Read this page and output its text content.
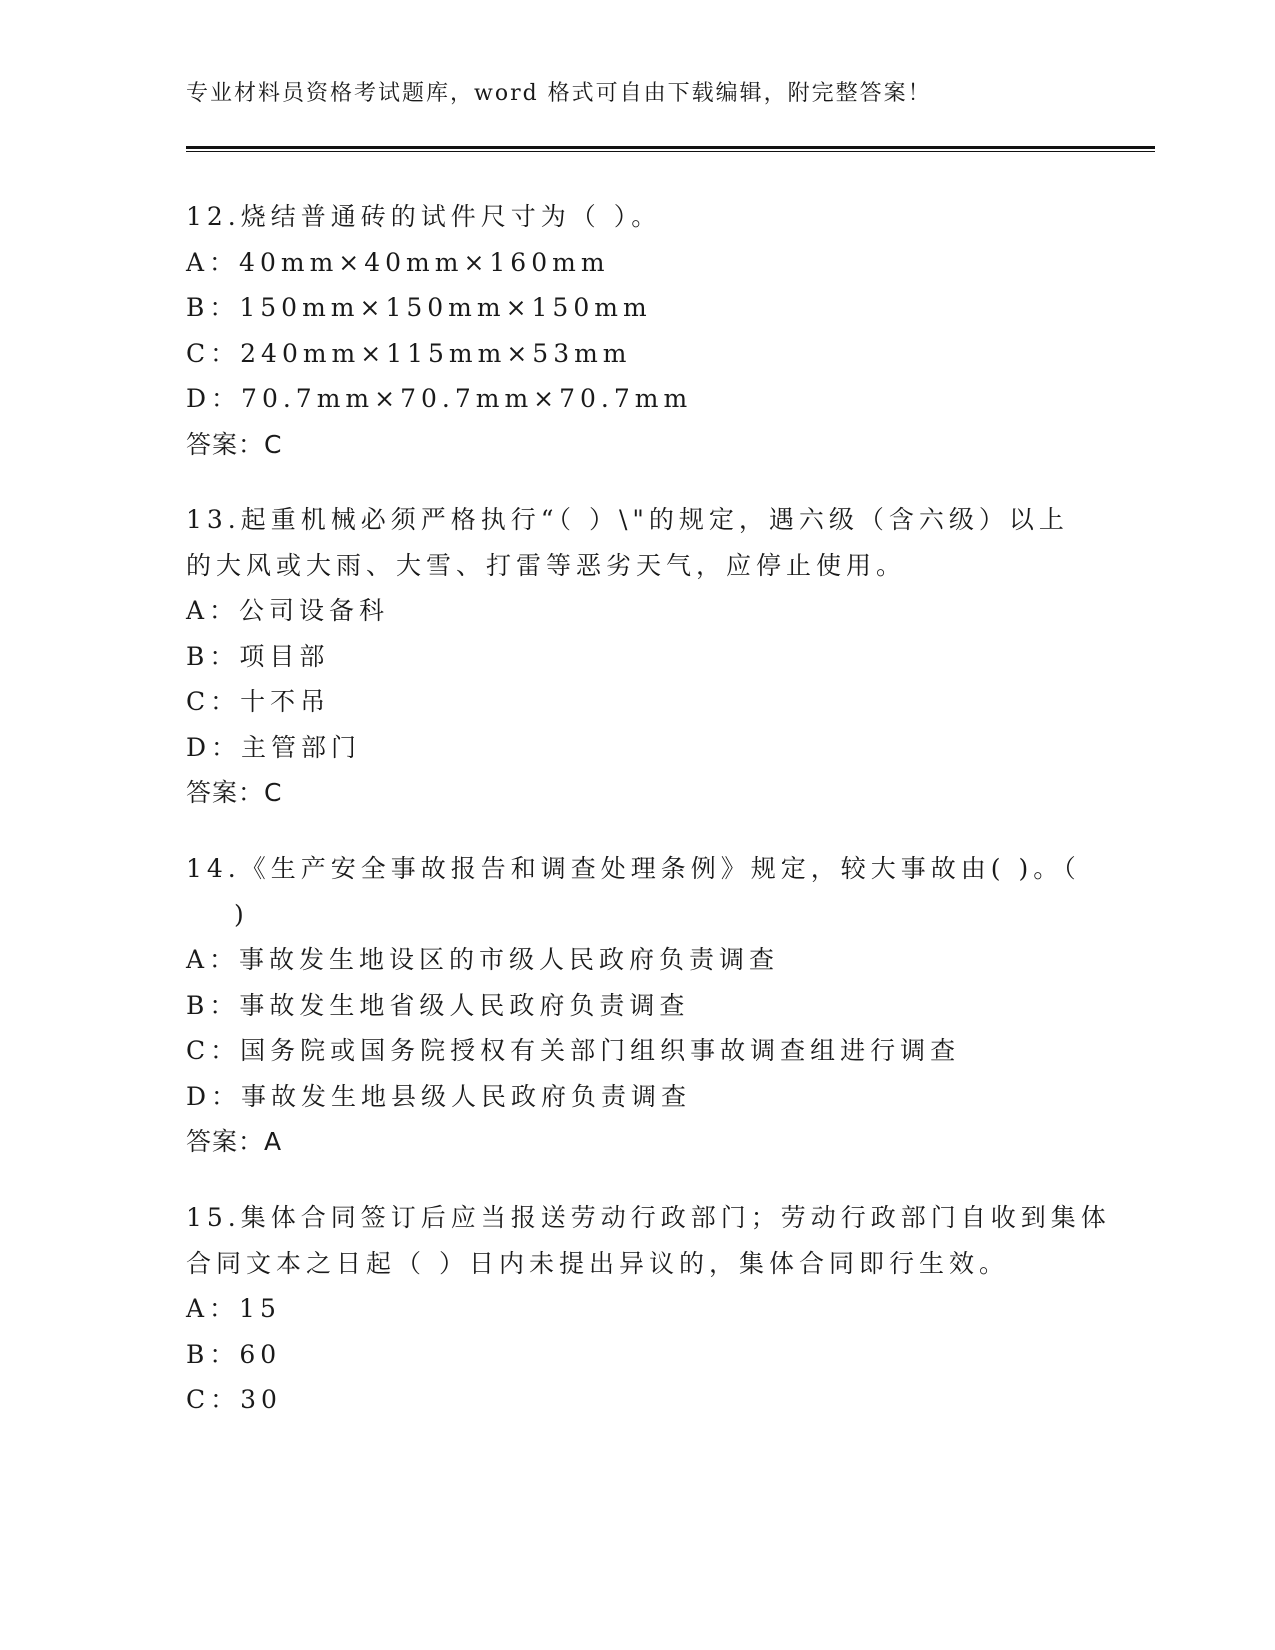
专业材料员资格考试题库，word 格式可自由下载编辑，附完整答案！
12.烧结普通砖的试件尺寸为（ ）。
A：40mm×40mm×160mm
B：150mm×150mm×150mm
C：240mm×115mm×53mm
D：70.7mm×70.7mm×70.7mm
答案：C
13.起重机械必须严格执行“（ ）\"的规定，遇六级（含六级）以上
的大风或大雨、大雪、打雷等恶劣天气，应停止使用。
A：公司设备科
B：项目部
C：十不吊
D：主管部门
答案：C
14.《生产安全事故报告和调查处理条例》规定，较大事故由( )。（
)
A：事故发生地设区的市级人民政府负责调查
B：事故发生地省级人民政府负责调查
C：国务院或国务院授权有关部门组织事故调查组进行调查
D：事故发生地县级人民政府负责调查
答案：A
15.集体合同签订后应当报送劳动行政部门；劳动行政部门自收到集体
合同文本之日起（ ）日内未提出异议的，集体合同即行生效。
A：15
B：60
C：30
